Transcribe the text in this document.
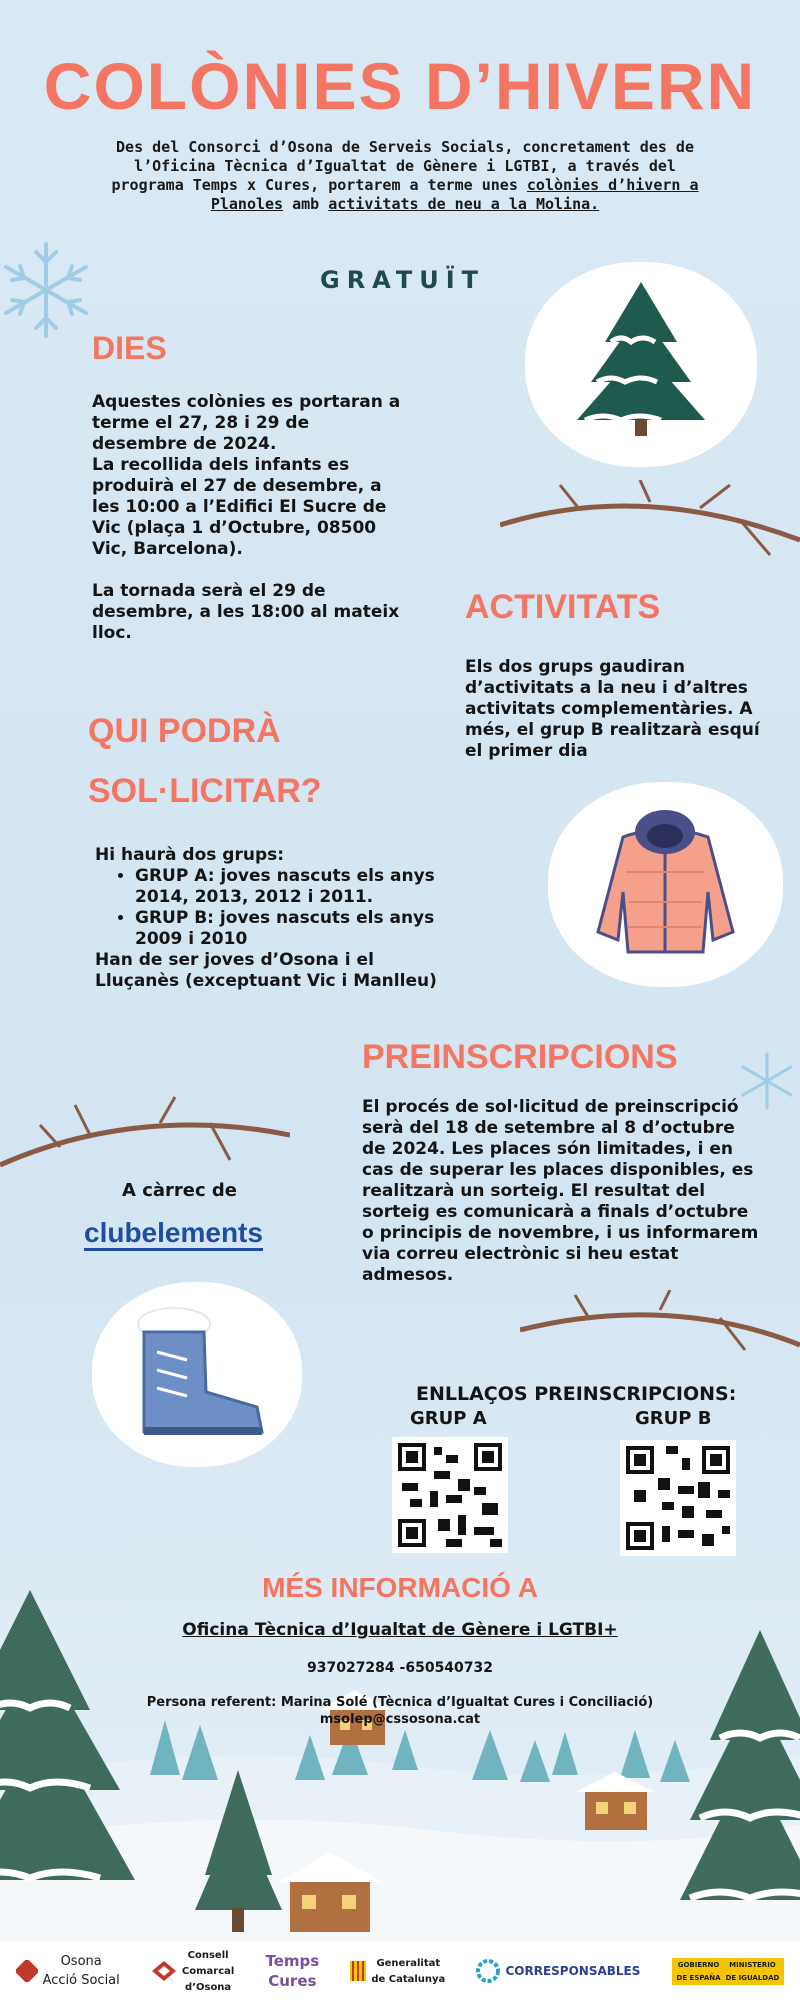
COLÒNIES D’HIVERN

Des del Consorci d’Osona de Serveis Socials, concretament des de l’Oficina Tècnica d’Igualtat de Gènere i LGTBI, a través del programa Temps x Cures, portarem a terme unes colònies d’hivern a Planoles amb activitats de neu a la Molina.

GRATUÏT
DIES

Aquestes colònies es portaran a terme el 27, 28 i 29 de desembre de 2024.

La recollida dels infants es produirà el 27 de desembre, a les 10:00 a l’Edifici El Sucre de Vic (plaça 1 d’Octubre, 08500 Vic, Barcelona).

La tornada serà el 29 de desembre, a les 18:00 al mateix lloc.

ACTIVITATS

Els dos grups gaudiran d’activitats a la neu i d’altres activitats complementàries. A més, el grup B realitzarà esquí el primer dia

QUI PODRÀ
SOL·LICITAR?

Hi haurà dos grups:

• GRUP A: joves nascuts els anys 2014, 2013, 2012 i 2011.
• GRUP B: joves nascuts els anys 2009 i 2010

Han de ser joves d’Osona i el Lluçanès (exceptuant Vic i Manlleu)

PREINSCRIPCIONS

El procés de sol·licitud de preinscripció serà del 18 de setembre al 8 d’octubre de 2024. Les places són limitades, i en cas de superar les places disponibles, es realitzarà un sorteig. El resultat del sorteig es comunicarà a finals d’octubre o principis de novembre, i us informarem via correu electrònic si heu estat admesos.

A càrrec de
clubelements
ENLLAÇOS PREINSCRIPCIONS:
GRUP A	GRUP B
MÉS INFORMACIÓ A
Oficina Tècnica d’Igualtat de Gènere i LGTBI+
937027284 -650540732
Persona referent: Marina Solé (Tècnica d’Igualtat Cures i Conciliació)
msolep@cssosona.cat
Osona
Acció Social
Consell
Comarcal
d’Osona
Temps
Cures
Generalitat
de Catalunya
CORRESPONSABLES	GOBIERNO
DE ESPAÑA
MINISTERIO
DE IGUALDAD
